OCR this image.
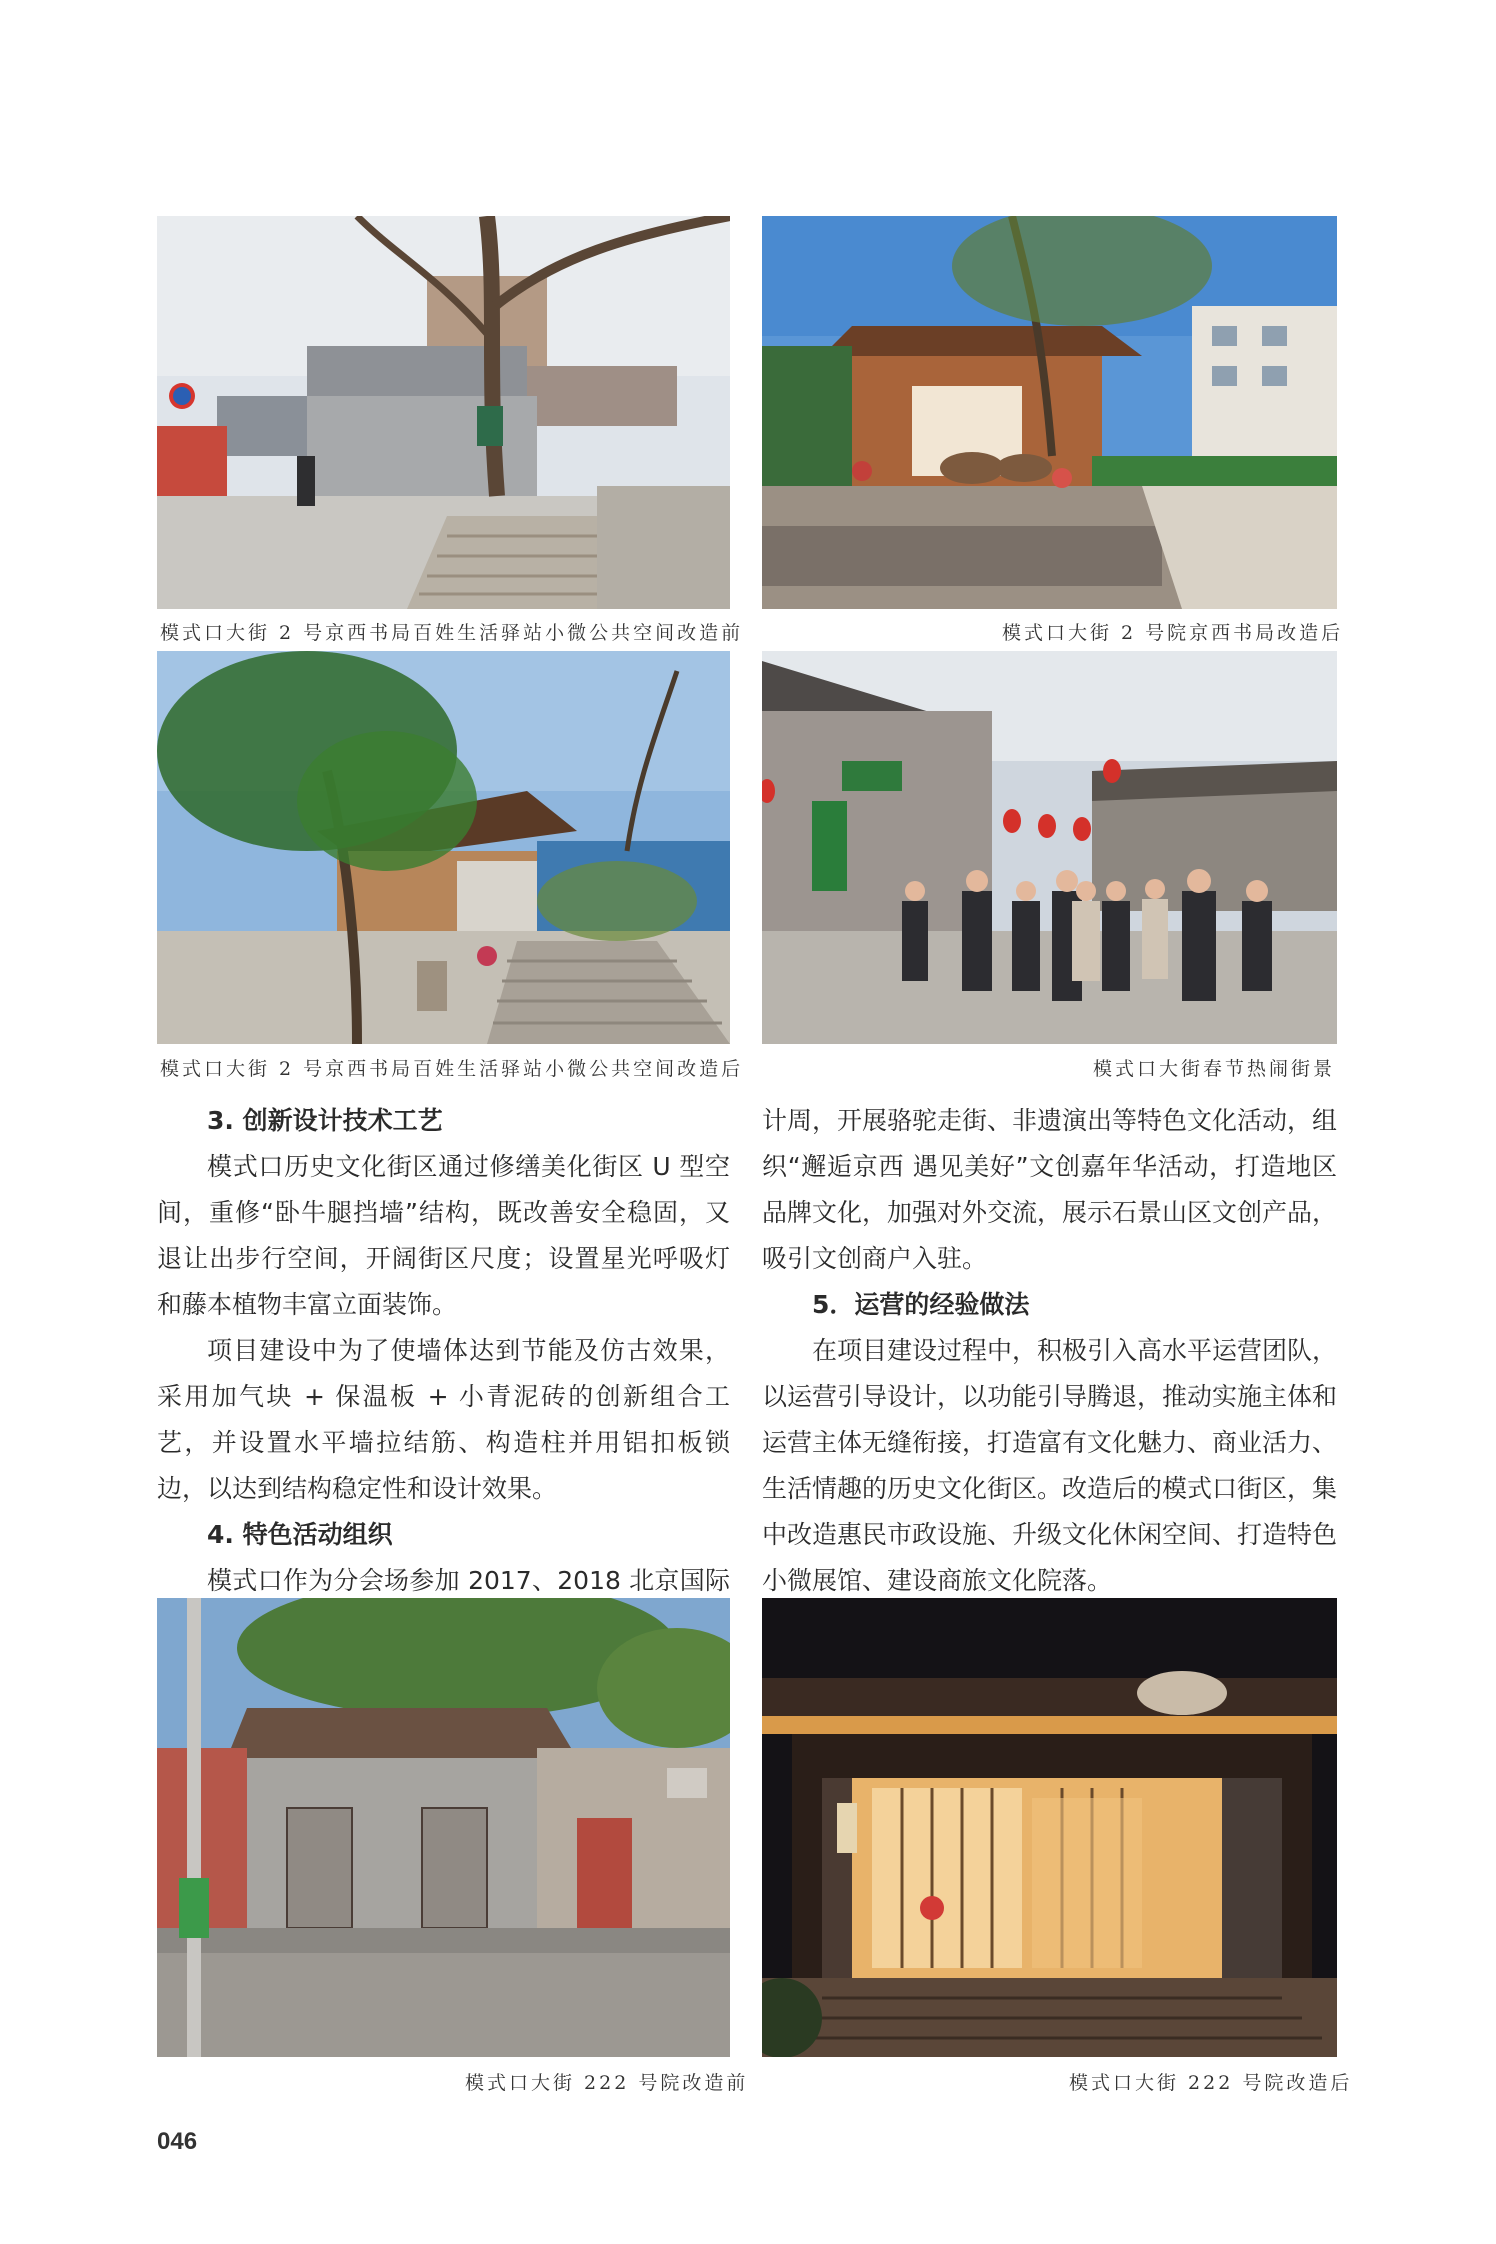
模式口大街 2 号京西书局百姓生活驿站小微公共空间改造前	模式口大街 2 号院京西书局改造后
模式口大街 2 号京西书局百姓生活驿站小微公共空间改造后	模式口大街春节热闹街景
3. 创新设计技术工艺

模式口历史文化街区通过修缮美化街区 U 型空间，重修“卧牛腿挡墙”结构，既改善安全稳固，又退让出步行空间，开阔街区尺度；设置星光呼吸灯和藤本植物丰富立面装饰。

项目建设中为了使墙体达到节能及仿古效果，采用加气块 + 保温板 + 小青泥砖的创新组合工艺，并设置水平墙拉结筋、构造柱并用铝扣板锁边，以达到结构稳定性和设计效果。

4. 特色活动组织

模式口作为分会场参加 2017、2018 北京国际

计周，开展骆驼走街、非遗演出等特色文化活动，组织“邂逅京西 遇见美好”文创嘉年华活动，打造地区品牌文化，加强对外交流，展示石景山区文创产品，吸引文创商户入驻。

5．运营的经验做法

在项目建设过程中，积极引入高水平运营团队，以运营引导设计，以功能引导腾退，推动实施主体和运营主体无缝衔接，打造富有文化魅力、商业活力、生活情趣的历史文化街区。改造后的模式口街区，集中改造惠民市政设施、升级文化休闲空间、打造特色小微展馆、建设商旅文化院落。

模式口大街 222 号院改造前	模式口大街 222 号院改造后
046
